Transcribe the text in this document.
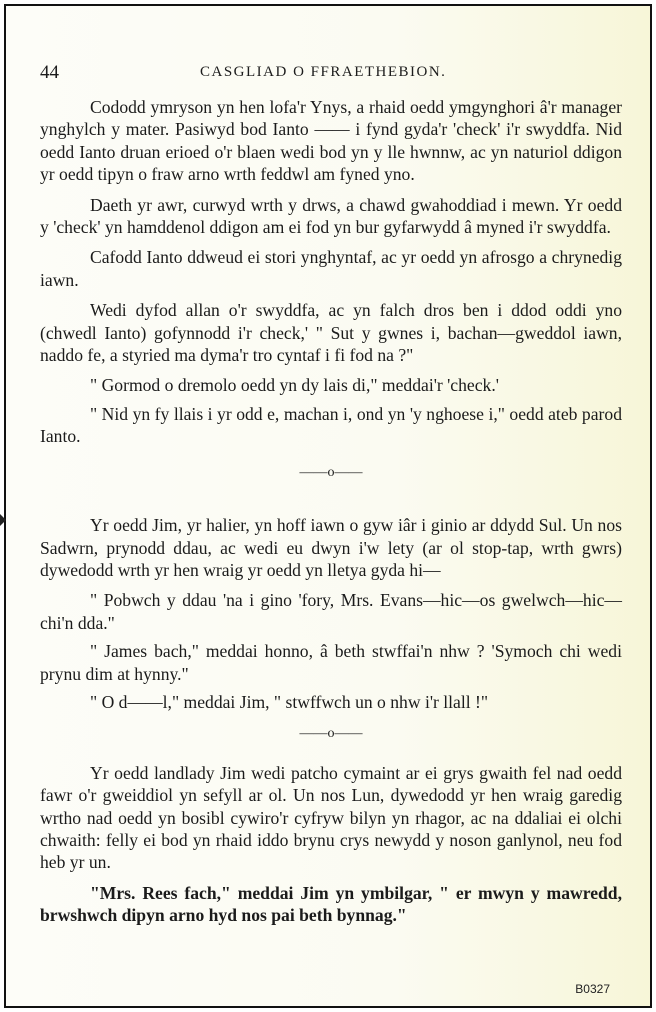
44	CASGLIAD O FFRAETHEBION.

Cododd ymryson yn hen lofa'r Ynys, a rhaid oedd ymgynghori â'r manager ynghylch y mater. Pasiwyd bod Ianto —— i fynd gyda'r 'check' i'r swyddfa. Nid oedd Ianto druan erioed o'r blaen wedi bod yn y lle hwnnw, ac yn naturiol ddigon yr oedd tipyn o fraw arno wrth feddwl am fyned yno.

Daeth yr awr, curwyd wrth y drws, a chawd gwahoddiad i mewn. Yr oedd y 'check' yn hamddenol ddigon am ei fod yn bur gyfarwydd â myned i'r swyddfa.

Cafodd Ianto ddweud ei stori ynghyntaf, ac yr oedd yn afrosgo a chrynedig iawn.

Wedi dyfod allan o'r swyddfa, ac yn falch dros ben i ddod oddi yno (chwedl Ianto) gofynnodd i'r check,' " Sut y gwnes i, bachan—gweddol iawn, naddo fe, a styried ma dyma'r tro cyntaf i fi fod na ?"

" Gormod o dremolo oedd yn dy lais di," meddai'r 'check.'

" Nid yn fy llais i yr odd e, machan i, ond yn 'y nghoese i," oedd ateb parod Ianto.

——o——

Yr oedd Jim, yr halier, yn hoff iawn o gyw iâr i ginio ar ddydd Sul. Un nos Sadwrn, prynodd ddau, ac wedi eu dwyn i'w lety (ar ol stop-tap, wrth gwrs) dywedodd wrth yr hen wraig yr oedd yn lletya gyda hi—

" Pobwch y ddau 'na i gino 'fory, Mrs. Evans—hic—os gwelwch—hic—chi'n dda."

" James bach," meddai honno, â beth stwffai'n nhw ? 'Symoch chi wedi prynu dim at hynny."

" O d——l," meddai Jim, " stwffwch un o nhw i'r llall !"

——o——

Yr oedd landlady Jim wedi patcho cymaint ar ei grys gwaith fel nad oedd fawr o'r gweiddiol yn sefyll ar ol. Un nos Lun, dywedodd yr hen wraig garedig wrtho nad oedd yn bosibl cywiro'r cyfryw bilyn yn rhagor, ac na ddaliai ei olchi chwaith: felly ei bod yn rhaid iddo brynu crys newydd y noson ganlynol, neu fod heb yr un.

"Mrs. Rees fach," meddai Jim yn ymbilgar, " er mwyn y mawredd, brwshwch dipyn arno hyd nos pai beth bynnag."

B0327
